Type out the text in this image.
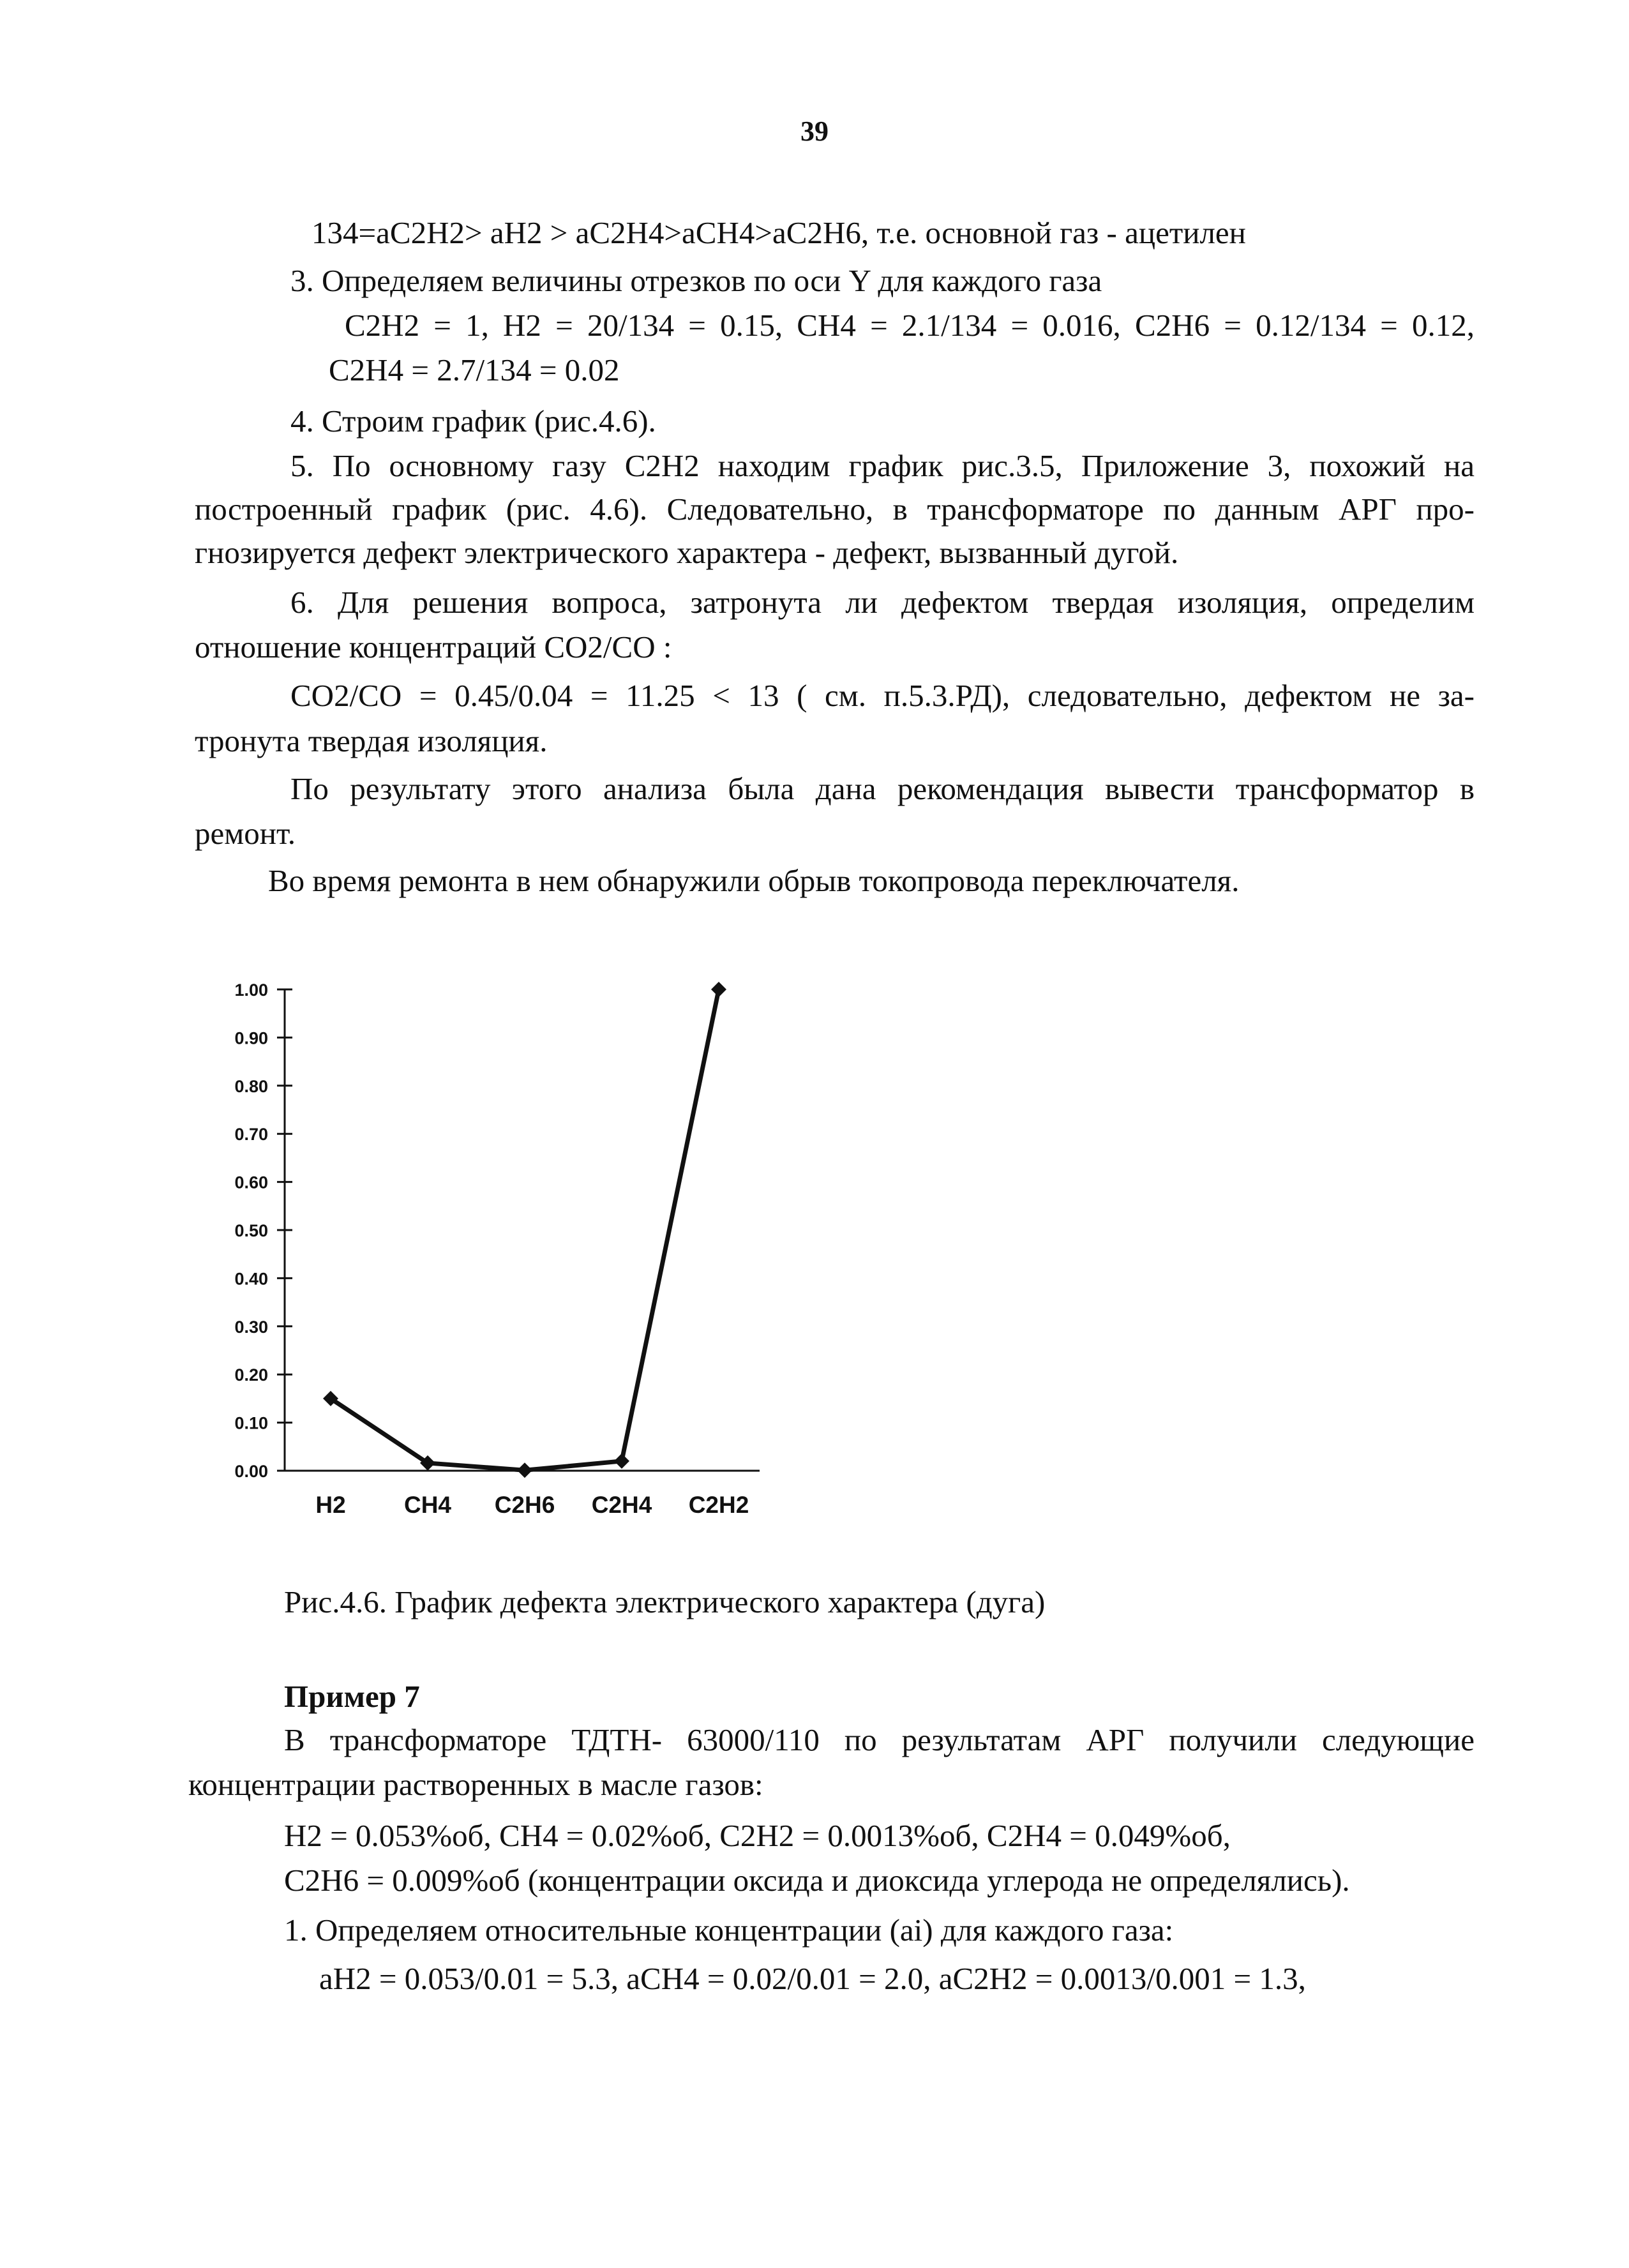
39
134=aC2H2> aH2 > aC2H4>aCH4>aC2H6, т.е. основной газ - ацетилен
3. Определяем величины отрезков по оси Y для каждого газа
C2H2 = 1, H2 = 20/134 = 0.15, CH4 = 2.1/134 = 0.016, C2H6 = 0.12/134 = 0.12,
C2H4 = 2.7/134 = 0.02
4. Строим график (рис.4.6).
5. По основному газу C2H2 находим график рис.3.5, Приложение 3, похожий на
построенный график (рис. 4.6). Следовательно, в трансформаторе по данным АРГ про-
гнозируется дефект электрического характера - дефект, вызванный дугой.
6. Для решения вопроса, затронута ли дефектом твердая изоляция, определим
отношение концентраций CO2/CO :
CO2/CO = 0.45/0.04 = 11.25 < 13 ( см. п.5.3.РД), следовательно, дефектом не за-
тронута твердая изоляция.
По результату этого анализа была дана рекомендация вывести трансформатор в
ремонт.
Во время ремонта в нем обнаружили обрыв токопровода переключателя.
0.00
0.10
0.20
0.30
0.40
0.50
0.60
0.70
0.80
0.90
1.00
H2 CH4 C2H6 C2H4 C2H2
Рис.4.6. График дефекта электрического характера (дуга)
Пример 7
В трансформаторе ТДТН- 63000/110 по результатам АРГ получили следующие
концентрации растворенных в масле газов:
H2 = 0.053%об, CH4 = 0.02%об, C2H2 = 0.0013%об, C2H4 = 0.049%об,
C2H6 = 0.009%об (концентрации оксида и диоксида углерода не определялись).
1. Определяем относительные концентрации (ai) для каждого газа:
aH2 = 0.053/0.01 = 5.3, aCH4 = 0.02/0.01 = 2.0, aC2H2 = 0.0013/0.001 = 1.3,
